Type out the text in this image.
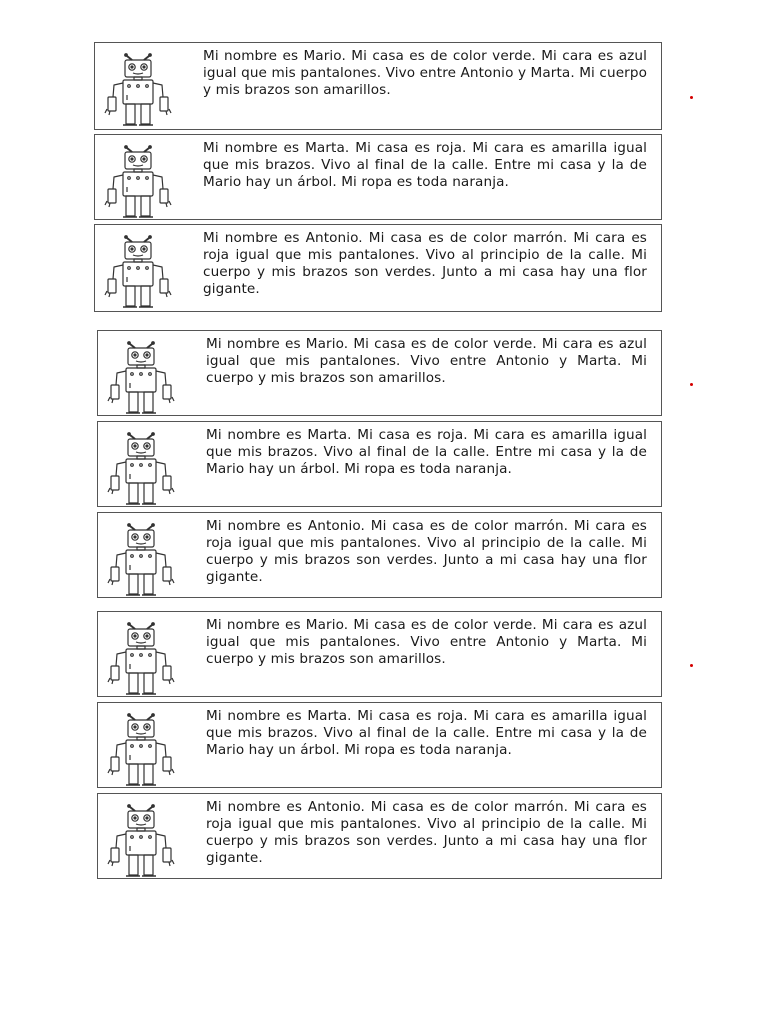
Mi nombre es Mario. Mi casa es de color verde. Mi cara es azul igual que mis pantalones. Vivo entre Antonio y Marta. Mi cuerpo y mis brazos son amarillos.
Mi nombre es Marta. Mi casa es roja. Mi cara es amarilla igual que mis brazos. Vivo al final de la calle. Entre mi casa y la de Mario hay un árbol. Mi ropa es toda naranja.
Mi nombre es Antonio. Mi casa es de color marrón. Mi cara es roja igual que mis pantalones. Vivo al principio de la calle. Mi cuerpo y mis brazos son verdes. Junto a mi casa hay una flor gigante.
Mi nombre es Mario. Mi casa es de color verde. Mi cara es azul igual que mis pantalones. Vivo entre Antonio y Marta. Mi cuerpo y mis brazos son amarillos.
Mi nombre es Marta. Mi casa es roja. Mi cara es amarilla igual que mis brazos. Vivo al final de la calle. Entre mi casa y la de Mario hay un árbol. Mi ropa es toda naranja.
Mi nombre es Antonio. Mi casa es de color marrón. Mi cara es roja igual que mis pantalones. Vivo al principio de la calle. Mi cuerpo y mis brazos son verdes. Junto a mi casa hay una flor gigante.
Mi nombre es Mario. Mi casa es de color verde. Mi cara es azul igual que mis pantalones. Vivo entre Antonio y Marta. Mi cuerpo y mis brazos son amarillos.
Mi nombre es Marta. Mi casa es roja. Mi cara es amarilla igual que mis brazos. Vivo al final de la calle. Entre mi casa y la de Mario hay un árbol. Mi ropa es toda naranja.
Mi nombre es Antonio. Mi casa es de color marrón. Mi cara es roja igual que mis pantalones. Vivo al principio de la calle. Mi cuerpo y mis brazos son verdes. Junto a mi casa hay una flor gigante.
